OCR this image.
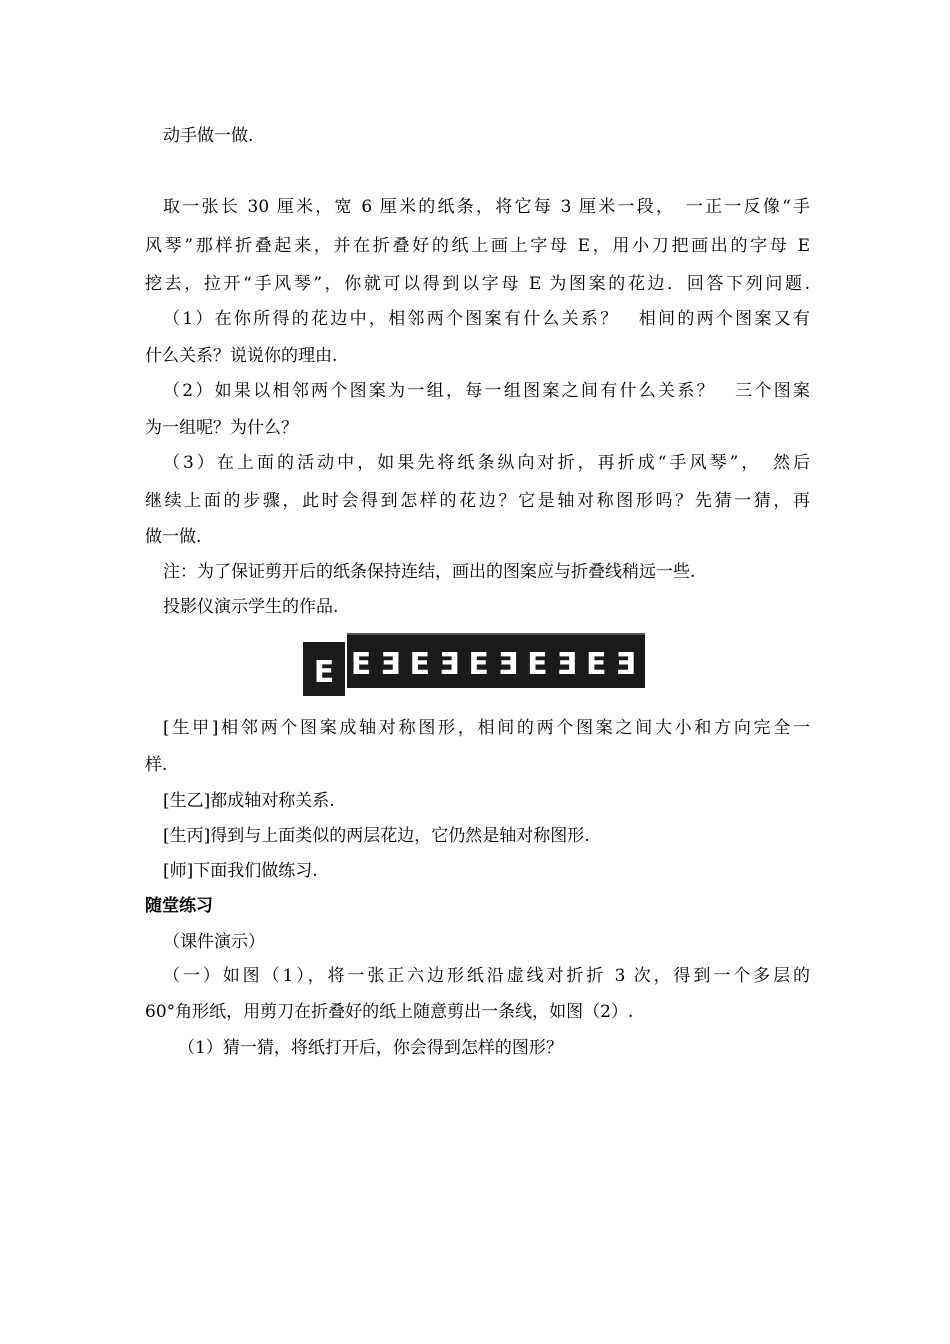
动手做一做.
取一张长 30 厘米，宽 6 厘米的纸条，将它每 3 厘米一段，　一正一反像“手
风琴”那样折叠起来，并在折叠好的纸上画上字母 E，用小刀把画出的字母 E
挖去，拉开“手风琴”，你就可以得到以字母 E 为图案的花边．回答下列问题.
（1）在你所得的花边中，相邻两个图案有什么关系？　相间的两个图案又有
什么关系？说说你的理由.
（2）如果以相邻两个图案为一组，每一组图案之间有什么关系？　三个图案
为一组呢？为什么？
（3）在上面的活动中，如果先将纸条纵向对折，再折成“手风琴”，　然后
继续上面的步骤，此时会得到怎样的花边？它是轴对称图形吗？先猜一猜，再
做一做.
注：为了保证剪开后的纸条保持连结，画出的图案应与折叠线稍远一些.
投影仪演示学生的作品.
E E Ǝ E Ǝ E Ǝ E Ǝ E Ǝ
[生甲]相邻两个图案成轴对称图形，相间的两个图案之间大小和方向完全一
样.
[生乙]都成轴对称关系.
[生丙]得到与上面类似的两层花边，它仍然是轴对称图形.
[师]下面我们做练习.
随堂练习
（课件演示）
（一）如图（1），将一张正六边形纸沿虚线对折折 3 次，得到一个多层的
60°角形纸，用剪刀在折叠好的纸上随意剪出一条线，如图（2）.
（1）猜一猜，将纸打开后，你会得到怎样的图形？
